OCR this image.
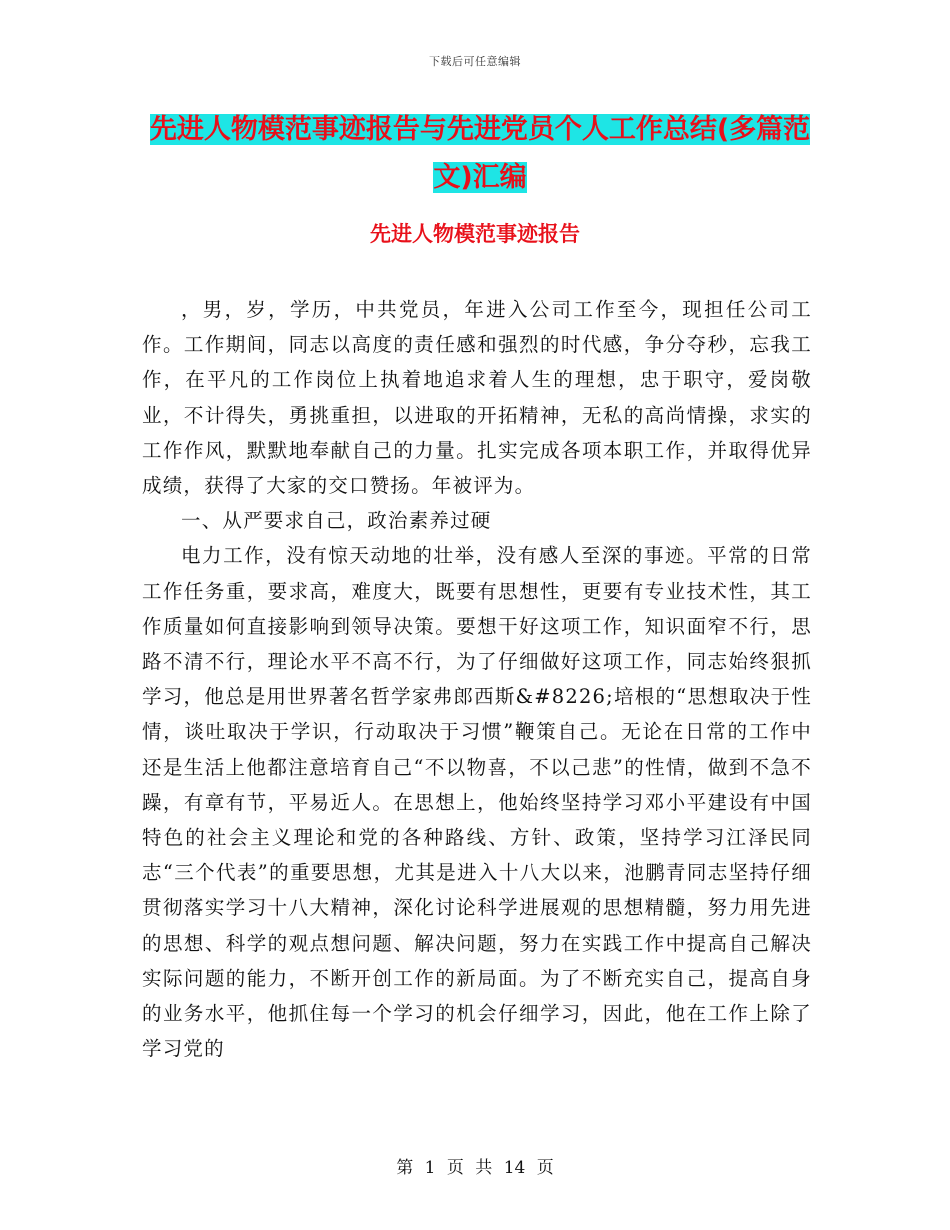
下载后可任意编辑
先进人物模范事迹报告与先进党员个人工作总结(多篇范文)汇编
先进人物模范事迹报告

，男，岁，学历，中共党员，年进入公司工作至今，现担任公司工作。工作期间，同志以高度的责任感和强烈的时代感，争分夺秒，忘我工作，在平凡的工作岗位上执着地追求着人生的理想，忠于职守，爱岗敬业，不计得失，勇挑重担，以进取的开拓精神，无私的高尚情操，求实的工作作风，默默地奉献自己的力量。扎实完成各项本职工作，并取得优异成绩，获得了大家的交口赞扬。年被评为。

一、从严要求自己，政治素养过硬

电力工作，没有惊天动地的壮举，没有感人至深的事迹。平常的日常工作任务重，要求高，难度大，既要有思想性，更要有专业技术性，其工作质量如何直接影响到领导决策。要想干好这项工作，知识面窄不行，思路不清不行，理论水平不高不行，为了仔细做好这项工作，同志始终狠抓学习，他总是用世界著名哲学家弗郎西斯&#8226;培根的“思想取决于性情，谈吐取决于学识，行动取决于习惯”鞭策自己。无论在日常的工作中还是生活上他都注意培育自己“不以物喜，不以己悲”的性情，做到不急不躁，有章有节，平易近人。在思想上，他始终坚持学习邓小平建设有中国特色的社会主义理论和党的各种路线、方针、政策，坚持学习江泽民同志“三个代表”的重要思想，尤其是进入十八大以来，池鹏青同志坚持仔细贯彻落实学习十八大精神，深化讨论科学进展观的思想精髓，努力用先进的思想、科学的观点想问题、解决问题，努力在实践工作中提高自己解决实际问题的能力，不断开创工作的新局面。为了不断充实自己，提高自身的业务水平，他抓住每一个学习的机会仔细学习，因此，他在工作上除了学习党的

第 1 页 共 14 页
